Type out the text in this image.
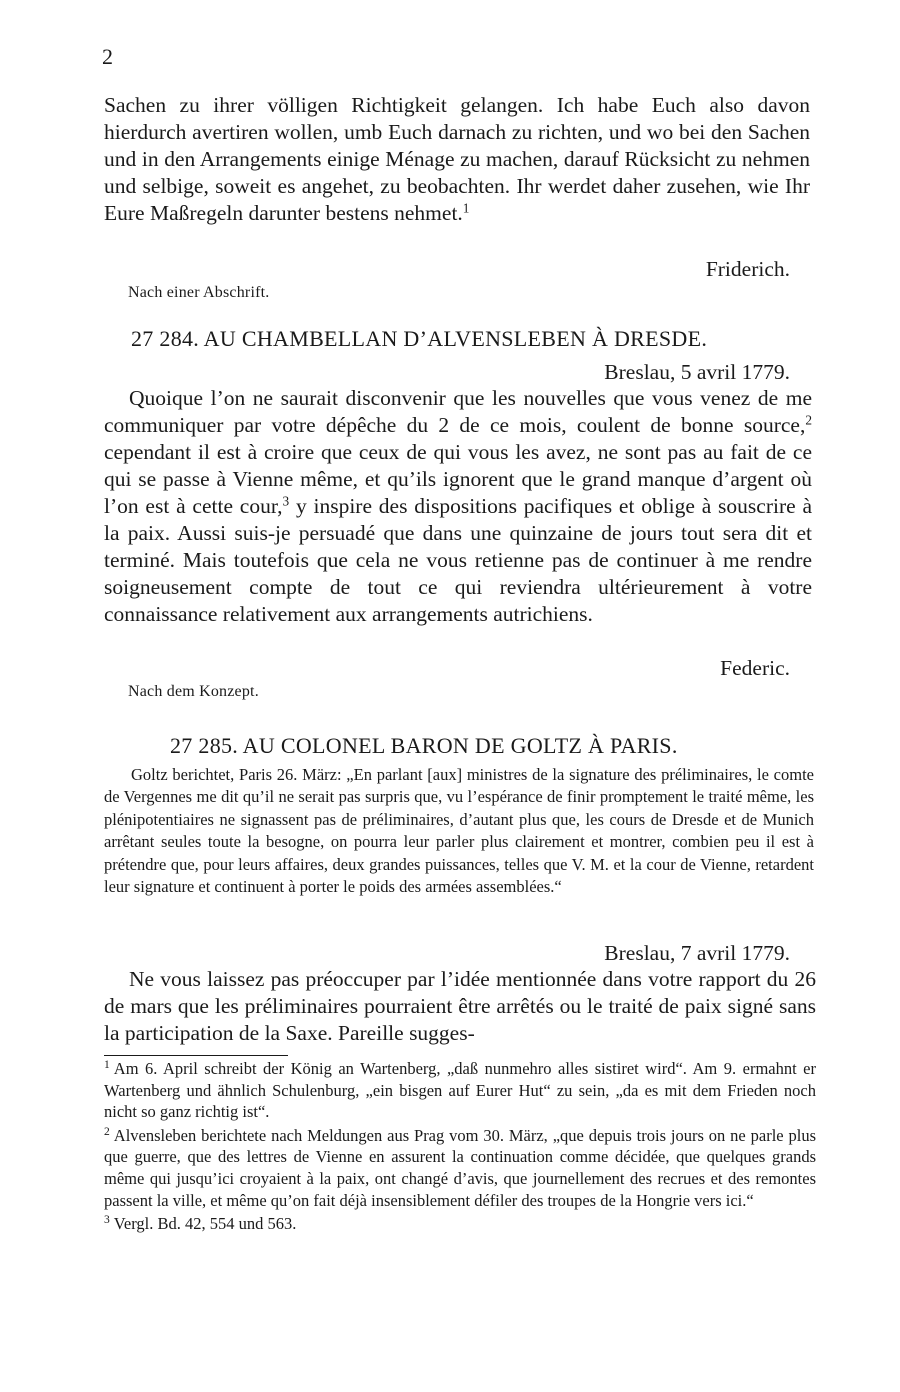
2

Sachen zu ihrer völligen Richtigkeit gelangen. Ich habe Euch also davon hierdurch avertiren wollen, umb Euch darnach zu richten, und wo bei den Sachen und in den Arrangements einige Ménage zu machen, darauf Rücksicht zu nehmen und selbige, soweit es angehet, zu beobachten. Ihr werdet daher zusehen, wie Ihr Eure Maßregeln darunter bestens nehmet.$^1$

Friderich.
Nach einer Abschrift.
27 284. AU CHAMBELLAN D’ALVENSLEBEN À DRESDE.
Breslau, 5 avril 1779.

Quoique l’on ne saurait disconvenir que les nouvelles que vous venez de me communiquer par votre dépêche du 2 de ce mois, coulent de bonne source,$^2$ cependant il est à croire que ceux de qui vous les avez, ne sont pas au fait de ce qui se passe à Vienne même, et qu’ils ignorent que le grand manque d’argent où l’on est à cette cour,$^3$ y inspire des dispositions pacifiques et oblige à souscrire à la paix. Aussi suis-je persuadé que dans une quinzaine de jours tout sera dit et terminé. Mais toutefois que cela ne vous retienne pas de continuer à me rendre soigneusement compte de tout ce qui reviendra ultérieurement à votre connaissance relativement aux arrangements autrichiens.

Federic.
Nach dem Konzept.
27 285. AU COLONEL BARON DE GOLTZ À PARIS.
Goltz berichtet, Paris 26. März: „En parlant [aux] ministres de la signature des préliminaires, le comte de Vergennes me dit qu’il ne serait pas surpris que, vu l’espérance de finir promptement le traité même, les plénipotentiaires ne signassent pas de préliminaires, d’autant plus que, les cours de Dresde et de Munich arrêtant seules toute la besogne, on pourra leur parler plus clairement et montrer, combien peu il est à prétendre que, pour leurs affaires, deux grandes puissances, telles que V. M. et la cour de Vienne, retardent leur signature et continuent à porter le poids des armées assemblées.“
Breslau, 7 avril 1779.

Ne vous laissez pas préoccuper par l’idée mentionnée dans votre rapport du 26 de mars que les préliminaires pourraient être arrêtés ou le traité de paix signé sans la participation de la Saxe. Pareille sugges-

$^1$ Am 6. April schreibt der König an Wartenberg, „daß nunmehro alles sistiret wird“. Am 9. ermahnt er Wartenberg und ähnlich Schulenburg, „ein bisgen auf Eurer Hut“ zu sein, „da es mit dem Frieden noch nicht so ganz richtig ist“.

$^2$ Alvensleben berichtete nach Meldungen aus Prag vom 30. März, „que depuis trois jours on ne parle plus que guerre, que des lettres de Vienne en assurent la continuation comme décidée, que quelques grands même qui jusqu’ici croyaient à la paix, ont changé d’avis, que journellement des recrues et des remontes passent la ville, et même qu’on fait déjà insensiblement défiler des troupes de la Hongrie vers ici.“

$^3$ Vergl. Bd. 42, 554 und 563.
